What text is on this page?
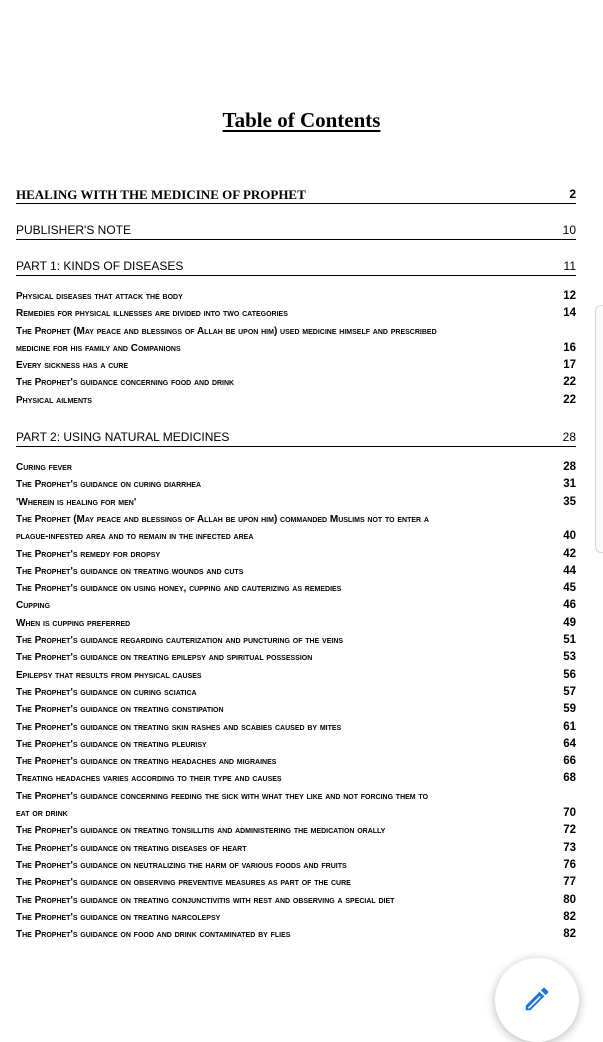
Table of Contents
HEALING WITH THE MEDICINE OF PROPHET	2
PUBLISHER'S NOTE	10
PART 1: KINDS OF DISEASES	11
Physical diseases that attack the body	12
Remedies for physical illnesses are divided into two categories	14
The Prophet (May peace and blessings of Allah be upon him) used medicine himself and prescribed
medicine for his family and Companions	16
Every sickness has a cure	17
The Prophet's guidance concerning food and drink	22
Physical ailments	22
PART 2: USING NATURAL MEDICINES	28
Curing fever	28
The Prophet's guidance on curing diarrhea	31
'Wherein is healing for men'	35
The Prophet (May peace and blessings of Allah be upon him) commanded Muslims not to enter a
plague-infested area and to remain in the infected area	40
The Prophet's remedy for dropsy	42
The Prophet's guidance on treating wounds and cuts	44
The Prophet's guidance on using honey, cupping and cauterizing as remedies	45
Cupping	46
When is cupping preferred	49
The Prophet's guidance regarding cauterization and puncturing of the veins	51
The Prophet's guidance on treating epilepsy and spiritual possession	53
Epilepsy that results from physical causes	56
The Prophet's guidance on curing sciatica	57
The Prophet's guidance on treating constipation	59
The Prophet's guidance on treating skin rashes and scabies caused by mites	61
The Prophet's guidance on treating pleurisy	64
The Prophet's guidance on treating headaches and migraines	66
Treating headaches varies according to their type and causes	68
The Prophet's guidance concerning feeding the sick with what they like and not forcing them to
eat or drink	70
The Prophet's guidance on treating tonsillitis and administering the medication orally	72
The Prophet's guidance on treating diseases of heart	73
The Prophet's guidance on neutralizing the harm of various foods and fruits	76
The Prophet's guidance on observing preventive measures as part of the cure	77
The Prophet's guidance on treating conjunctivitis with rest and observing a special diet	80
The Prophet's guidance on treating narcolepsy	82
The Prophet's guidance on food and drink contaminated by flies	82
